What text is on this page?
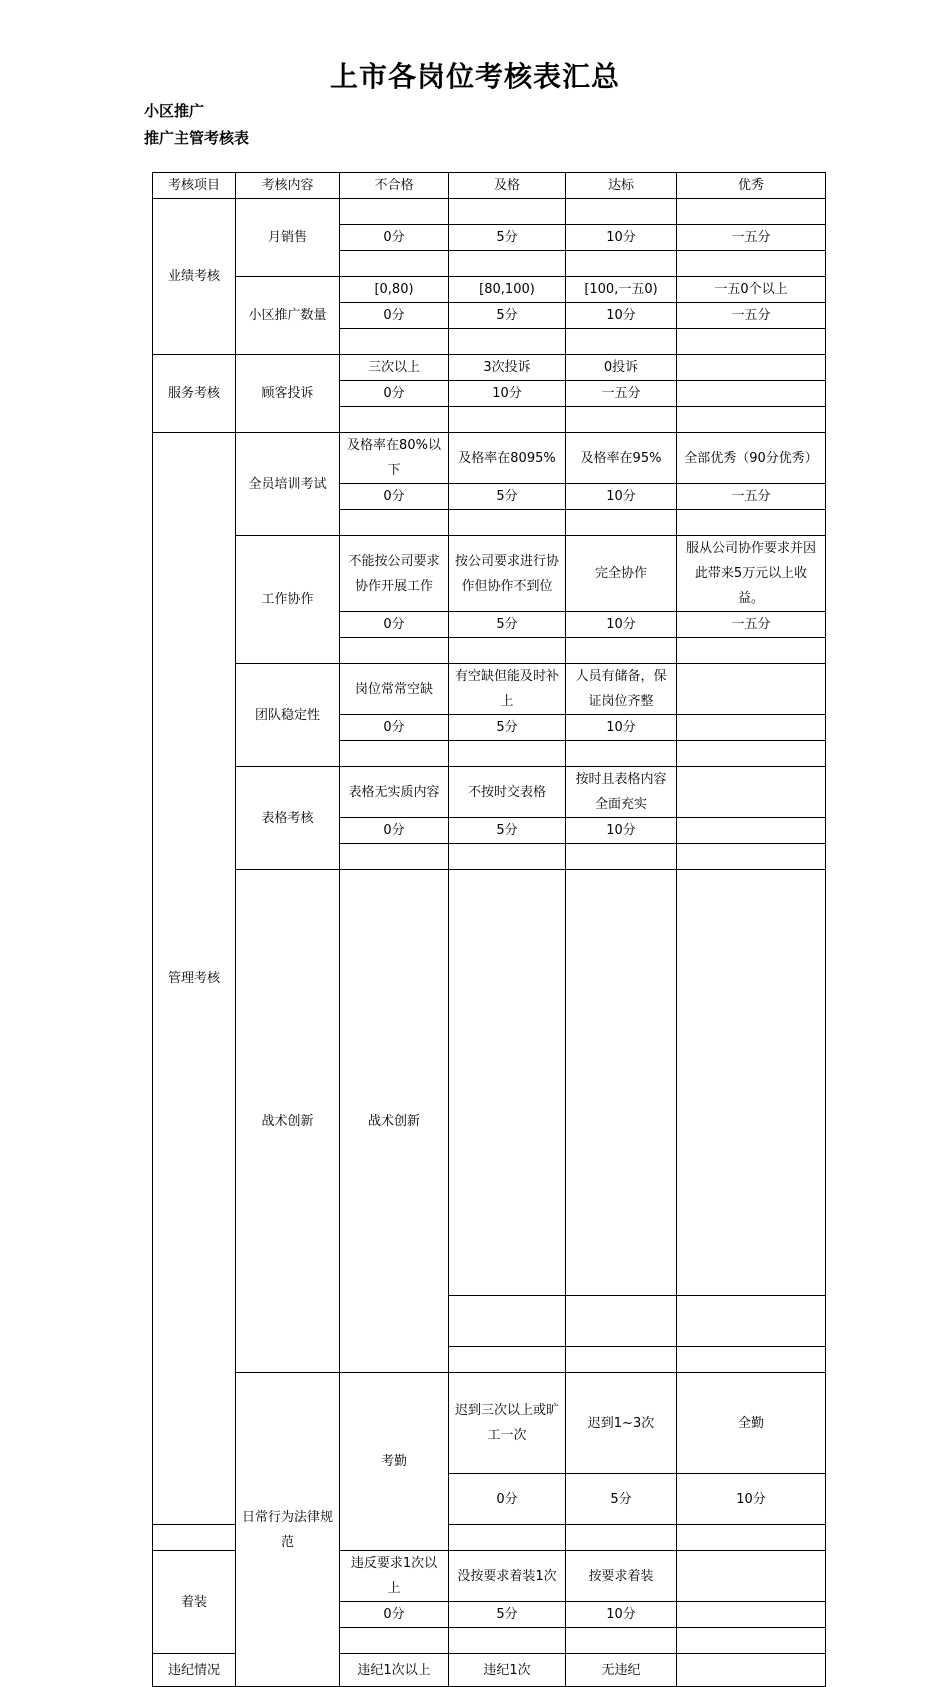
上市各岗位考核表汇总
小区推广
推广主管考核表
考核项目	考核内容	不合格	及格	达标	优秀	
业绩考核	月销售					
		0分	5分	10分	一五分	

	小区推广数量	[0,80)	[80,100)	[100,一五0)	一五0个以上	
		0分	5分	10分	一五分	

服务考核	顾客投诉	三次以上	3次投诉	0投诉		
		0分	10分	一五分		

管理考核	全员培训考试	及格率在80%以下	及格率在8095%	及格率在95%	全部优秀（90分优秀）	
		0分	5分	10分	一五分	

	工作协作	不能按公司要求协作开展工作	按公司要求进行协作但协作不到位	完全协作	服从公司协作要求并因此带来5万元以上收益。	
		0分	5分	10分	一五分	

	团队稳定性	岗位常常空缺	有空缺但能及时补上	人员有储备，保证岗位齐整		
		0分	5分	10分		

	表格考核	表格无实质内容	不按时交表格	按时且表格内容全面充实		
		0分	5分	10分		

	战术创新	战术创新				

	日常行为法律规范	考勤	迟到三次以上或旷工一次	迟到1~3次	全勤	
			0分	5分	10分	

着装		违反要求1次以上	没按要求着装1次	按要求着装		
		0分	5分	10分		

违纪情况		违纪1次以上	违纪1次	无违纪		
